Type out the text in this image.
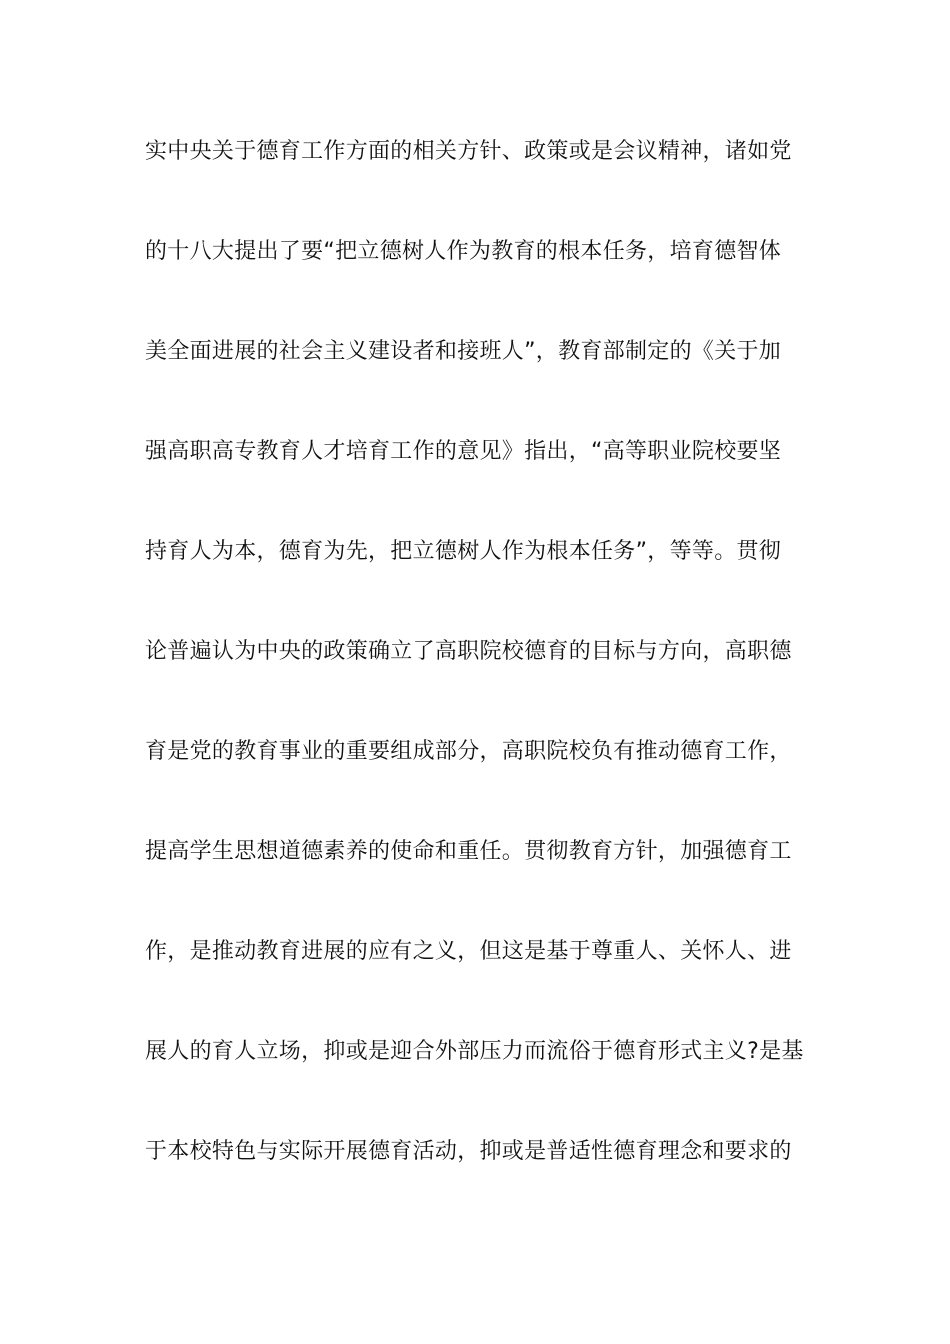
实中央关于德育工作方面的相关方针、政策或是会议精神，诸如党
的十八大提出了要“把立德树人作为教育的根本任务，培育德智体
美全面进展的社会主义建设者和接班人”，教育部制定的《关于加
强高职高专教育人才培育工作的意见》指出，“高等职业院校要坚
持育人为本，德育为先，把立德树人作为根本任务”，等等。贯彻
论普遍认为中央的政策确立了高职院校德育的目标与方向，高职德
育是党的教育事业的重要组成部分，高职院校负有推动德育工作，
提高学生思想道德素养的使命和重任。贯彻教育方针，加强德育工
作，是推动教育进展的应有之义，但这是基于尊重人、关怀人、进
展人的育人立场，抑或是迎合外部压力而流俗于德育形式主义?是基
于本校特色与实际开展德育活动，抑或是普适性德育理念和要求的
